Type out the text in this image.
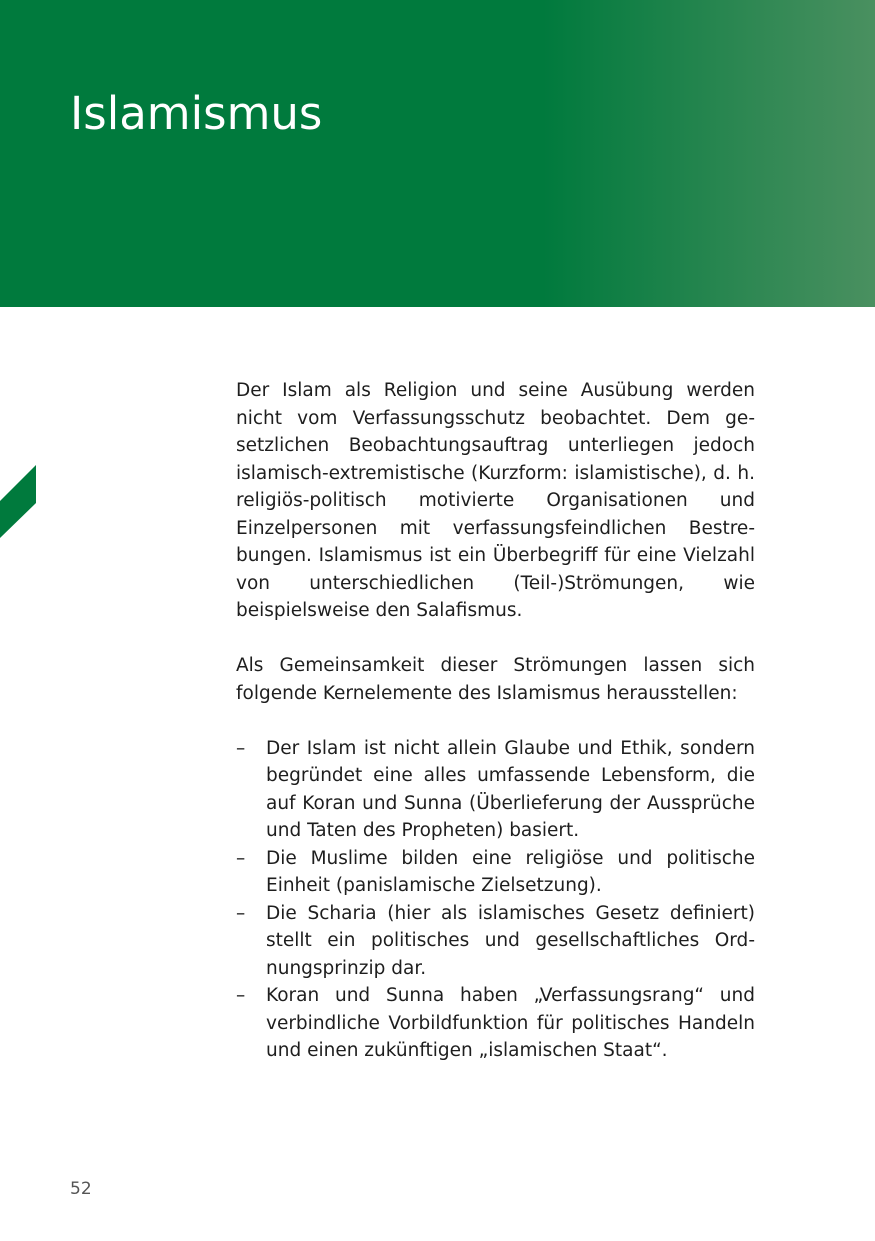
Islamismus

Der Islam als Religion und seine Ausübung werden nicht vom Verfassungsschutz beobachtet. Dem gesetzlichen Beobachtungsauftrag unterliegen jedoch islamisch-extremistische (Kurzform: islamistische), d. h. religiös-politisch motivierte Organisationen und Einzelpersonen mit verfassungsfeindlichen Bestrebungen. Islamismus ist ein Überbegriff für eine Vielzahl von unterschiedlichen (Teil-)Strömungen, wie beispielsweise den Salafismus.

Als Gemeinsamkeit dieser Strömungen lassen sich folgende Kernelemente des Islamismus herausstellen:

–	Der Islam ist nicht allein Glaube und Ethik, sondern begründet eine alles umfassende Lebensform, die auf Koran und Sunna (Überlieferung der Aussprüche und Taten des Propheten) basiert.
–	Die Muslime bilden eine religiöse und politische Einheit (panislamische Zielsetzung).
–	Die Scharia (hier als islamisches Gesetz definiert) stellt ein politisches und gesellschaftliches Ordnungsprinzip dar.
–	Koran und Sunna haben „Verfassungsrang“ und verbindliche Vorbildfunktion für politisches Handeln und einen zukünftigen „islamischen Staat“.
52
